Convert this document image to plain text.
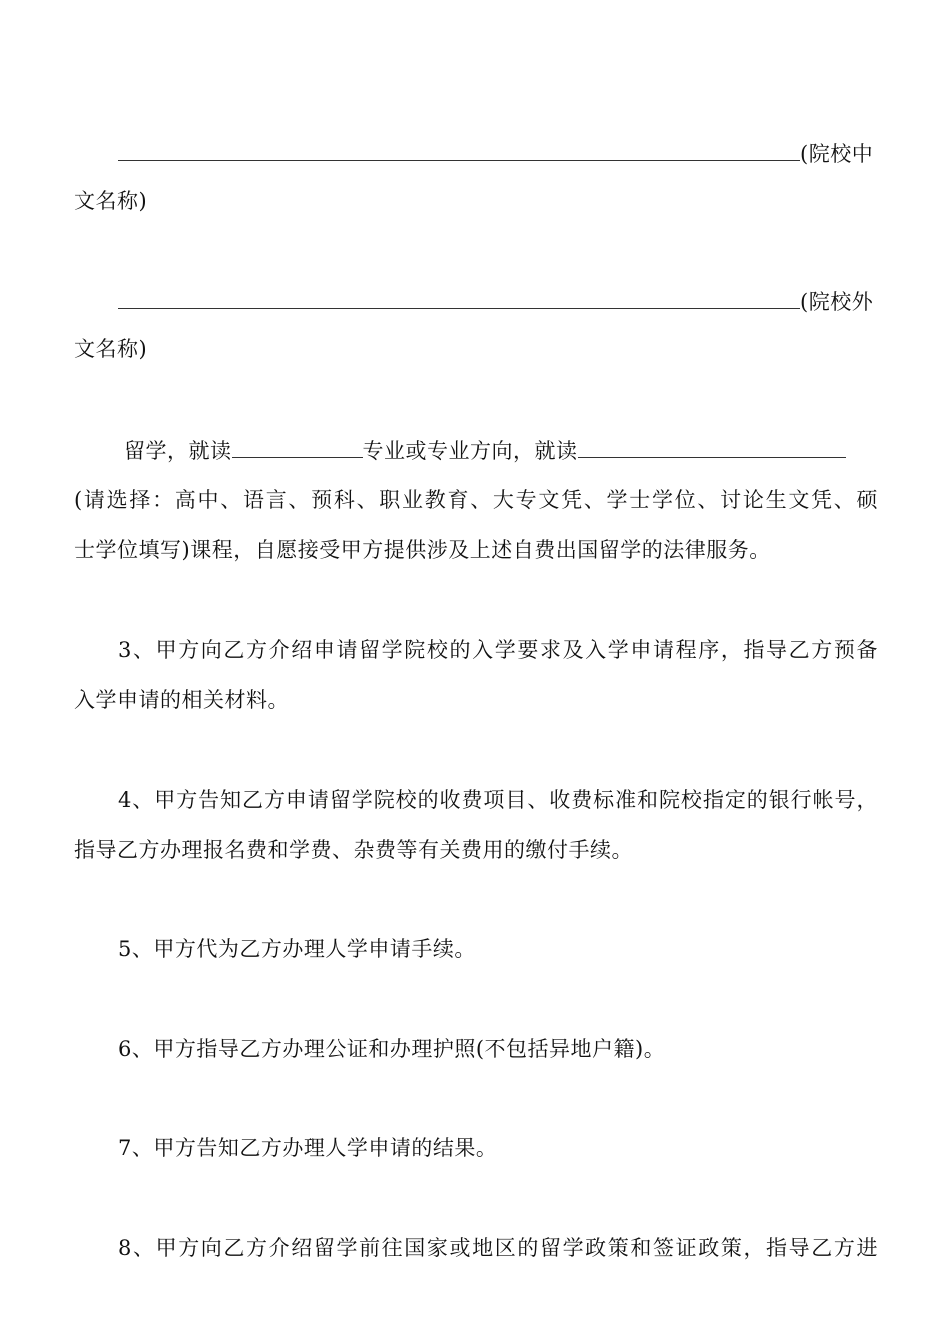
(院校中
文名称)
(院校外
文名称)
留学，就读	专业或专业方向，就读
(请选择：高中、语言、预科、职业教育、大专文凭、学士学位、讨论生文凭、硕
士学位填写)课程，自愿接受甲方提供涉及上述自费出国留学的法律服务。
3、甲方向乙方介绍申请留学院校的入学要求及入学申请程序，指导乙方预备
入学申请的相关材料。
4、甲方告知乙方申请留学院校的收费项目、收费标准和院校指定的银行帐号，
指导乙方办理报名费和学费、杂费等有关费用的缴付手续。
5、甲方代为乙方办理人学申请手续。
6、甲方指导乙方办理公证和办理护照(不包括异地户籍)。
7、甲方告知乙方办理人学申请的结果。
8、甲方向乙方介绍留学前往国家或地区的留学政策和签证政策，指导乙方进
